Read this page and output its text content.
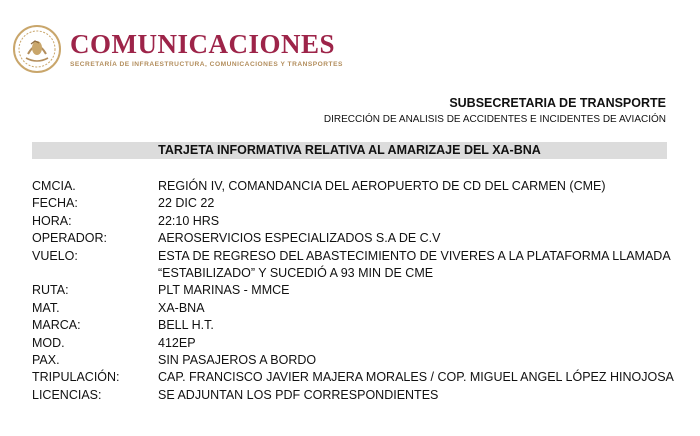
COMUNICACIONES
SECRETARÍA DE INFRAESTRUCTURA, COMUNICACIONES Y TRANSPORTES
SUBSECRETARIA DE TRANSPORTE
DIRECCIÓN DE ANALISIS DE ACCIDENTES E INCIDENTES DE AVIACIÓN
TARJETA INFORMATIVA RELATIVA AL AMARIZAJE DEL XA-BNA
CMCIA.	REGIÓN IV, COMANDANCIA DEL AEROPUERTO DE CD DEL CARMEN (CME)
FECHA:	22 DIC 22
HORA:	22:10 HRS
OPERADOR:	AEROSERVICIOS ESPECIALIZADOS S.A DE C.V
VUELO:	ESTA DE REGRESO DEL ABASTECIMIENTO DE VIVERES A LA PLATAFORMA LLAMADA
“ESTABILIZADO” Y SUCEDIÓ A 93 MIN DE CME
RUTA:	PLT MARINAS - MMCE
MAT.	XA-BNA
MARCA:	BELL H.T.
MOD.	412EP
PAX.	SIN PASAJEROS A BORDO
TRIPULACIÓN:	CAP. FRANCISCO JAVIER MAJERA MORALES / COP. MIGUEL ANGEL LÓPEZ HINOJOSA
LICENCIAS:	SE ADJUNTAN LOS PDF CORRESPONDIENTES
